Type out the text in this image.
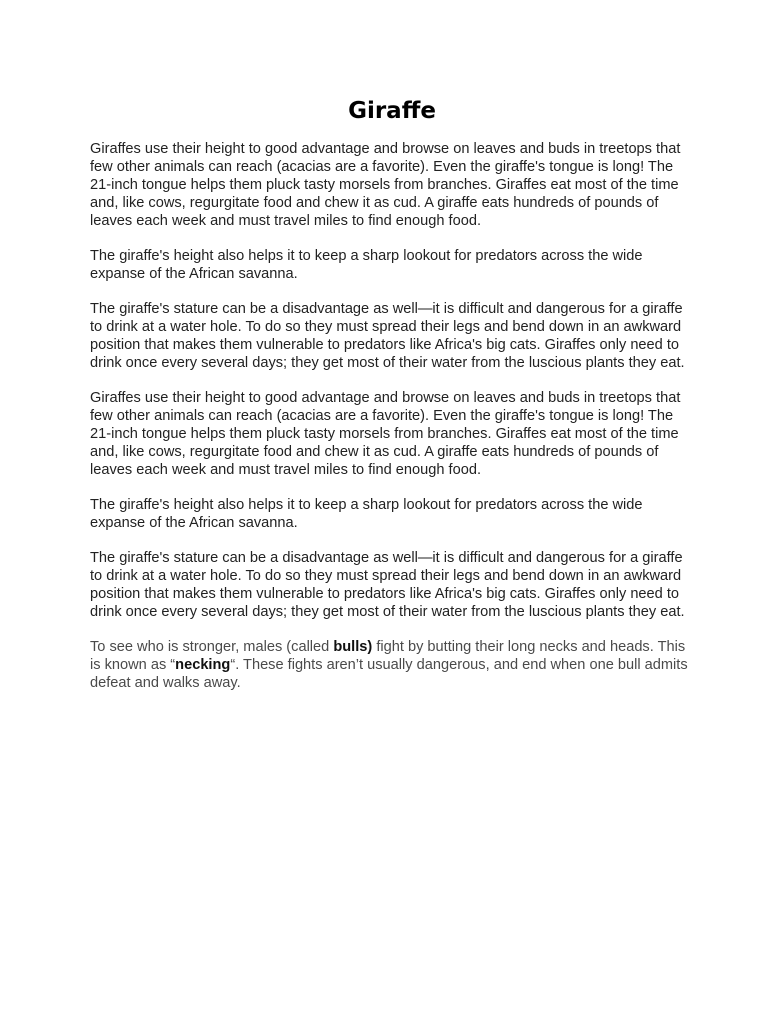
Giraffe

Giraffes use their height to good advantage and browse on leaves and buds in treetops that few other animals can reach (acacias are a favorite). Even the giraffe's tongue is long! The 21-inch tongue helps them pluck tasty morsels from branches. Giraffes eat most of the time and, like cows, regurgitate food and chew it as cud. A giraffe eats hundreds of pounds of leaves each week and must travel miles to find enough food.

The giraffe's height also helps it to keep a sharp lookout for predators across the wide expanse of the African savanna.

The giraffe's stature can be a disadvantage as well—it is difficult and dangerous for a giraffe to drink at a water hole. To do so they must spread their legs and bend down in an awkward position that makes them vulnerable to predators like Africa's big cats. Giraffes only need to drink once every several days; they get most of their water from the luscious plants they eat.

Giraffes use their height to good advantage and browse on leaves and buds in treetops that few other animals can reach (acacias are a favorite). Even the giraffe's tongue is long! The 21-inch tongue helps them pluck tasty morsels from branches. Giraffes eat most of the time and, like cows, regurgitate food and chew it as cud. A giraffe eats hundreds of pounds of leaves each week and must travel miles to find enough food.

The giraffe's height also helps it to keep a sharp lookout for predators across the wide expanse of the African savanna.

The giraffe's stature can be a disadvantage as well—it is difficult and dangerous for a giraffe to drink at a water hole. To do so they must spread their legs and bend down in an awkward position that makes them vulnerable to predators like Africa's big cats. Giraffes only need to drink once every several days; they get most of their water from the luscious plants they eat.

To see who is stronger, males (called bulls) fight by butting their long necks and heads. This is known as “necking“. These fights aren’t usually dangerous, and end when one bull admits defeat and walks away.
